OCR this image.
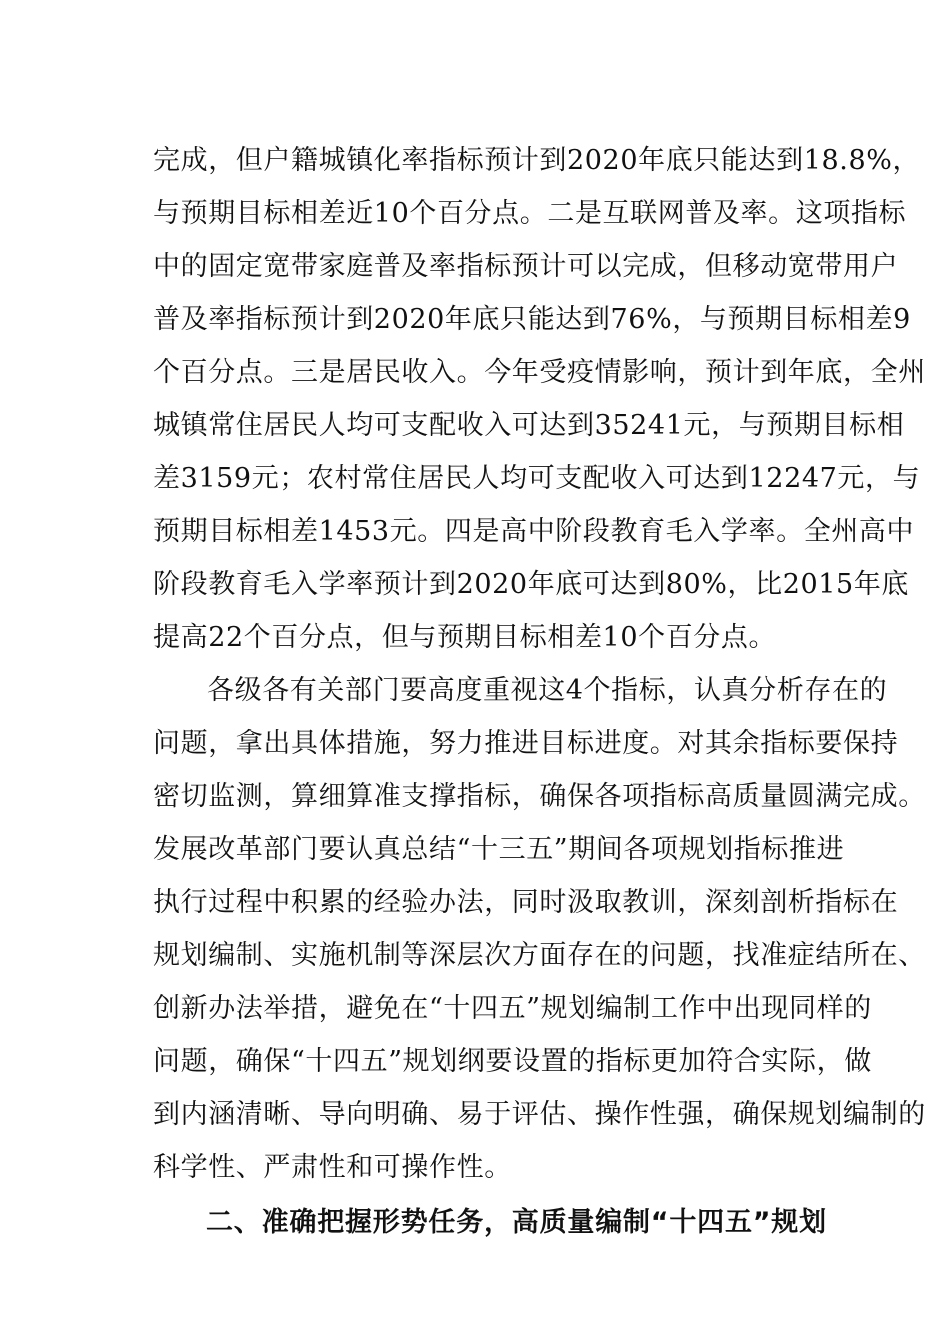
完成，但户籍城镇化率指标预计到2020年底只能达到18.8%，
与预期目标相差近10个百分点。二是互联网普及率。这项指标
中的固定宽带家庭普及率指标预计可以完成，但移动宽带用户
普及率指标预计到2020年底只能达到76%，与预期目标相差9
个百分点。三是居民收入。今年受疫情影响，预计到年底，全州
城镇常住居民人均可支配收入可达到35241元，与预期目标相
差3159元；农村常住居民人均可支配收入可达到12247元，与
预期目标相差1453元。四是高中阶段教育毛入学率。全州高中
阶段教育毛入学率预计到2020年底可达到80%，比2015年底
提高22个百分点，但与预期目标相差10个百分点。
各级各有关部门要高度重视这4个指标，认真分析存在的
问题，拿出具体措施，努力推进目标进度。对其余指标要保持
密切监测，算细算准支撑指标，确保各项指标高质量圆满完成。
发展改革部门要认真总结“十三五”期间各项规划指标推进
执行过程中积累的经验办法，同时汲取教训，深刻剖析指标在
规划编制、实施机制等深层次方面存在的问题，找准症结所在、
创新办法举措，避免在“十四五”规划编制工作中出现同样的
问题，确保“十四五”规划纲要设置的指标更加符合实际，做
到内涵清晰、导向明确、易于评估、操作性强，确保规划编制的
科学性、严肃性和可操作性。
二、准确把握形势任务，高质量编制“十四五”规划
